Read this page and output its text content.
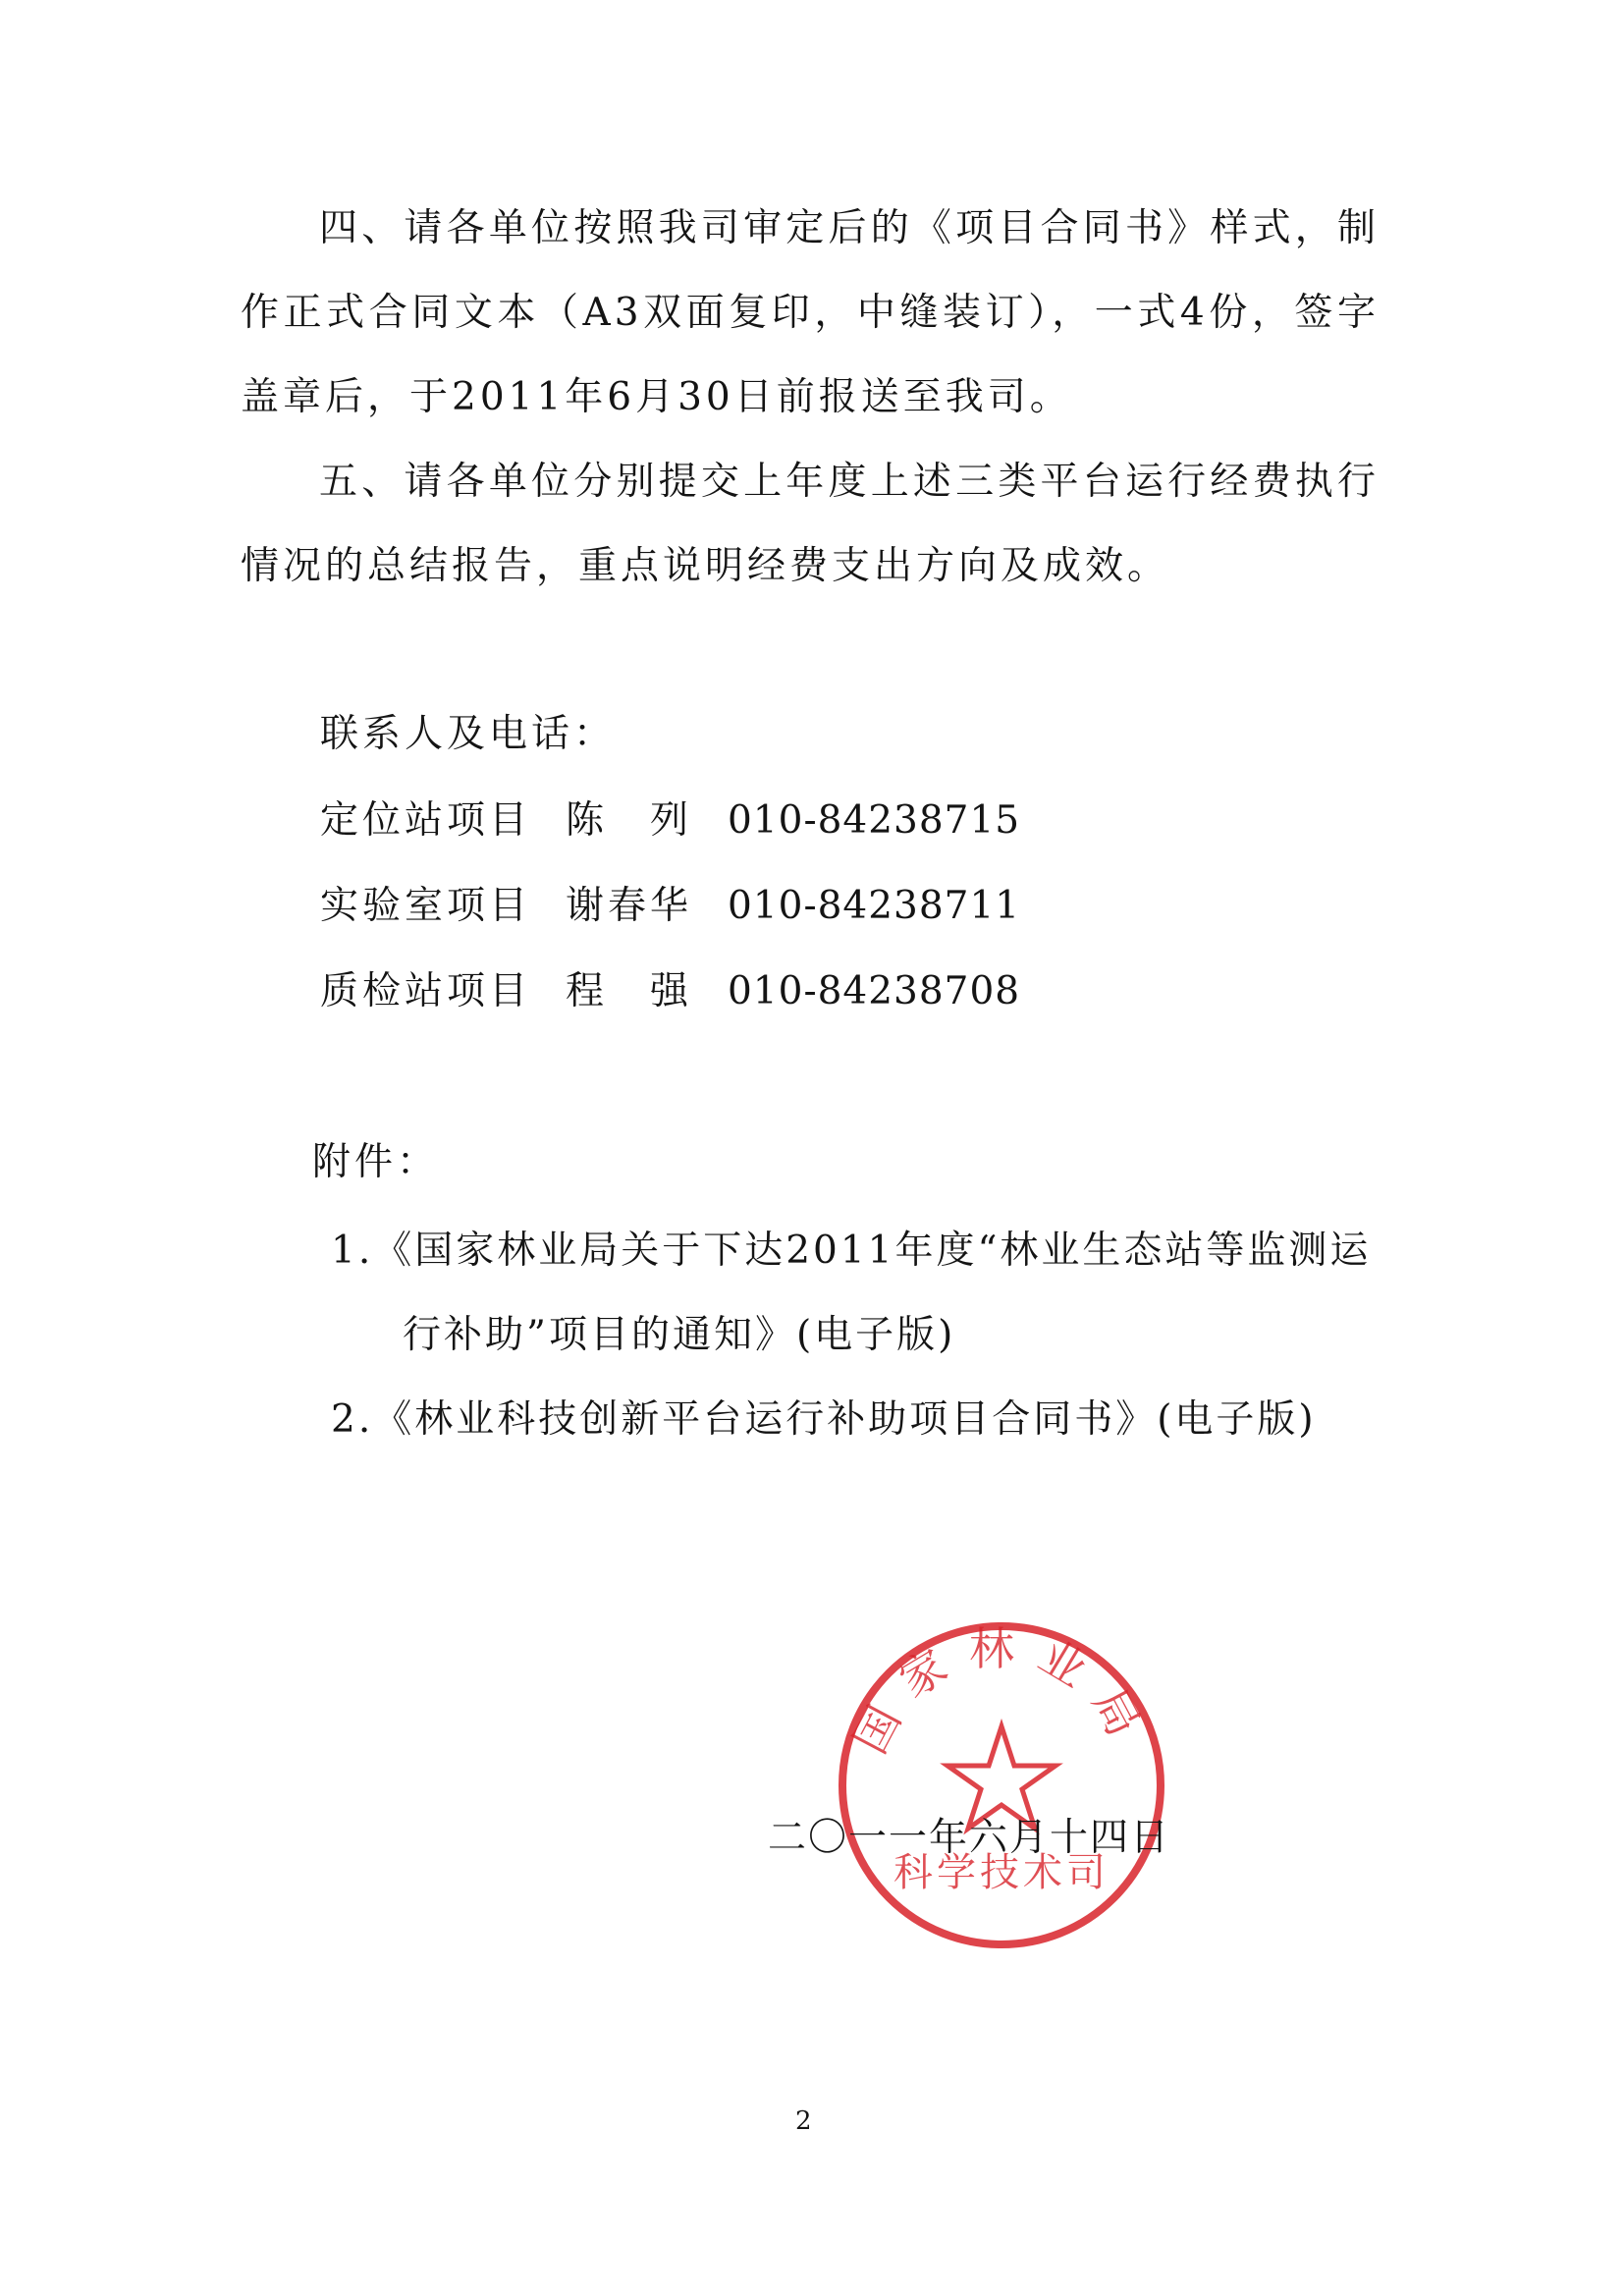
四、请各单位按照我司审定后的《项目合同书》样式，制作正式合同文本（A3双面复印，中缝装订），一式4份，签字盖章后，于2011年6月30日前报送至我司。

五、请各单位分别提交上年度上述三类平台运行经费执行情况的总结报告，重点说明经费支出方向及成效。

联系人及电话：
定位站项目 陈　列 010-84238715
实验室项目 谢春华 010-84238711
质检站项目 程　强 010-84238708
附件：
1.《国家林业局关于下达2011年度“林业生态站等监测运
行补助”项目的通知》(电子版)
2.《林业科技创新平台运行补助项目合同书》(电子版)
国家林业局
科学技术司
二〇一一年六月十四日
2
